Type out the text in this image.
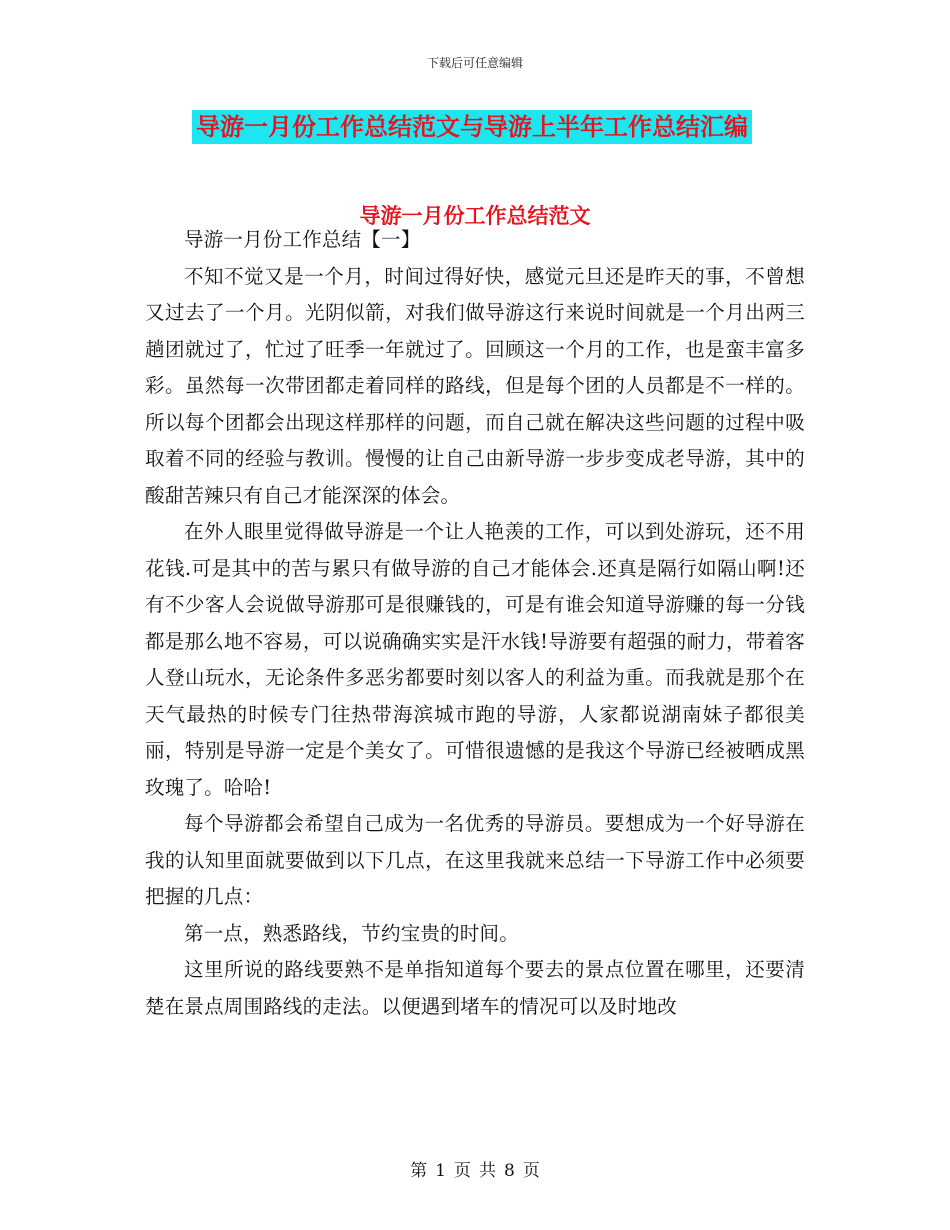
下载后可任意编辑
导游一月份工作总结范文与导游上半年工作总结汇编
导游一月份工作总结范文

导游一月份工作总结【一】

不知不觉又是一个月，时间过得好快，感觉元旦还是昨天的事，不曾想又过去了一个月。光阴似箭，对我们做导游这行来说时间就是一个月出两三趟团就过了，忙过了旺季一年就过了。回顾这一个月的工作，也是蛮丰富多彩。虽然每一次带团都走着同样的路线，但是每个团的人员都是不一样的。所以每个团都会出现这样那样的问题，而自己就在解决这些问题的过程中吸取着不同的经验与教训。慢慢的让自己由新导游一步步变成老导游，其中的酸甜苦辣只有自己才能深深的体会。

在外人眼里觉得做导游是一个让人艳羡的工作，可以到处游玩，还不用花钱.可是其中的苦与累只有做导游的自己才能体会.还真是隔行如隔山啊!还有不少客人会说做导游那可是很赚钱的，可是有谁会知道导游赚的每一分钱都是那么地不容易，可以说确确实实是汗水钱!导游要有超强的耐力，带着客人登山玩水，无论条件多恶劣都要时刻以客人的利益为重。而我就是那个在天气最热的时候专门往热带海滨城市跑的导游，人家都说湖南妹子都很美丽，特别是导游一定是个美女了。可惜很遗憾的是我这个导游已经被晒成黑玫瑰了。哈哈!

每个导游都会希望自己成为一名优秀的导游员。要想成为一个好导游在我的认知里面就要做到以下几点，在这里我就来总结一下导游工作中必须要把握的几点：

第一点，熟悉路线，节约宝贵的时间。

这里所说的路线要熟不是单指知道每个要去的景点位置在哪里，还要清楚在景点周围路线的走法。以便遇到堵车的情况可以及时地改

第 1 页 共 8 页
